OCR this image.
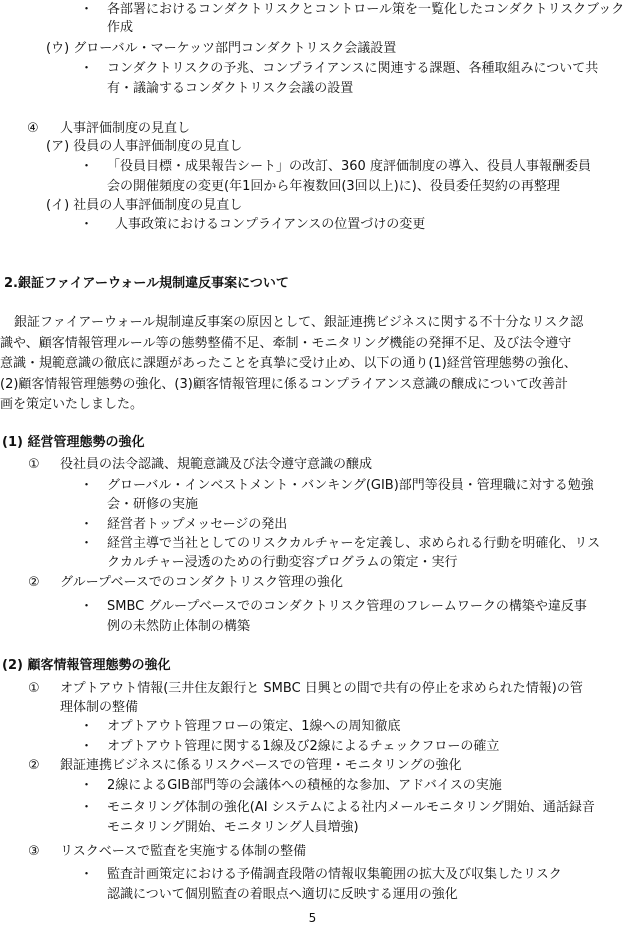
・ 各部署におけるコンダクトリスクとコントロール策を一覧化したコンダクトリスクブック
作成
(ウ) グローバル・マーケッツ部門コンダクトリスク会議設置
・ コンダクトリスクの予兆、コンプライアンスに関連する課題、各種取組みについて共
有・議論するコンダクトリスク会議の設置
④ 人事評価制度の見直し
(ア) 役員の人事評価制度の見直し
・ 「役員目標・成果報告シート」の改訂、360 度評価制度の導入、役員人事報酬委員
会の開催頻度の変更(年1回から年複数回(3回以上)に)、役員委任契約の再整理
(イ) 社員の人事評価制度の見直し
・ 人事政策におけるコンプライアンスの位置づけの変更
2.銀証ファイアーウォール規制違反事案について
銀証ファイアーウォール規制違反事案の原因として、銀証連携ビジネスに関する不十分なリスク認
識や、顧客情報管理ルール等の態勢整備不足、牽制・モニタリング機能の発揮不足、及び法令遵守
意識・規範意識の徹底に課題があったことを真摯に受け止め、以下の通り(1)経営管理態勢の強化、
(2)顧客情報管理態勢の強化、(3)顧客情報管理に係るコンプライアンス意識の醸成について改善計
画を策定いたしました。
(1) 経営管理態勢の強化
① 役社員の法令認識、規範意識及び法令遵守意識の醸成
・ グローバル・インベストメント・バンキング(GIB)部門等役員・管理職に対する勉強
会・研修の実施
・ 経営者トップメッセージの発出
・ 経営主導で当社としてのリスクカルチャーを定義し、求められる行動を明確化、リス
クカルチャー浸透のための行動変容プログラムの策定・実行
② グループベースでのコンダクトリスク管理の強化
・ SMBC グループベースでのコンダクトリスク管理のフレームワークの構築や違反事
例の未然防止体制の構築
(2) 顧客情報管理態勢の強化
① オプトアウト情報(三井住友銀行と SMBC 日興との間で共有の停止を求められた情報)の管
理体制の整備
・ オプトアウト管理フローの策定、1線への周知徹底
・ オプトアウト管理に関する1線及び2線によるチェックフローの確立
② 銀証連携ビジネスに係るリスクベースでの管理・モニタリングの強化
・ 2線によるGIB部門等の会議体への積極的な参加、アドバイスの実施
・ モニタリング体制の強化(AI システムによる社内メールモニタリング開始、通話録音
モニタリング開始、モニタリング人員増強)
③ リスクベースで監査を実施する体制の整備
・ 監査計画策定における予備調査段階の情報収集範囲の拡大及び収集したリスク
認識について個別監査の着眼点へ適切に反映する運用の強化
5
